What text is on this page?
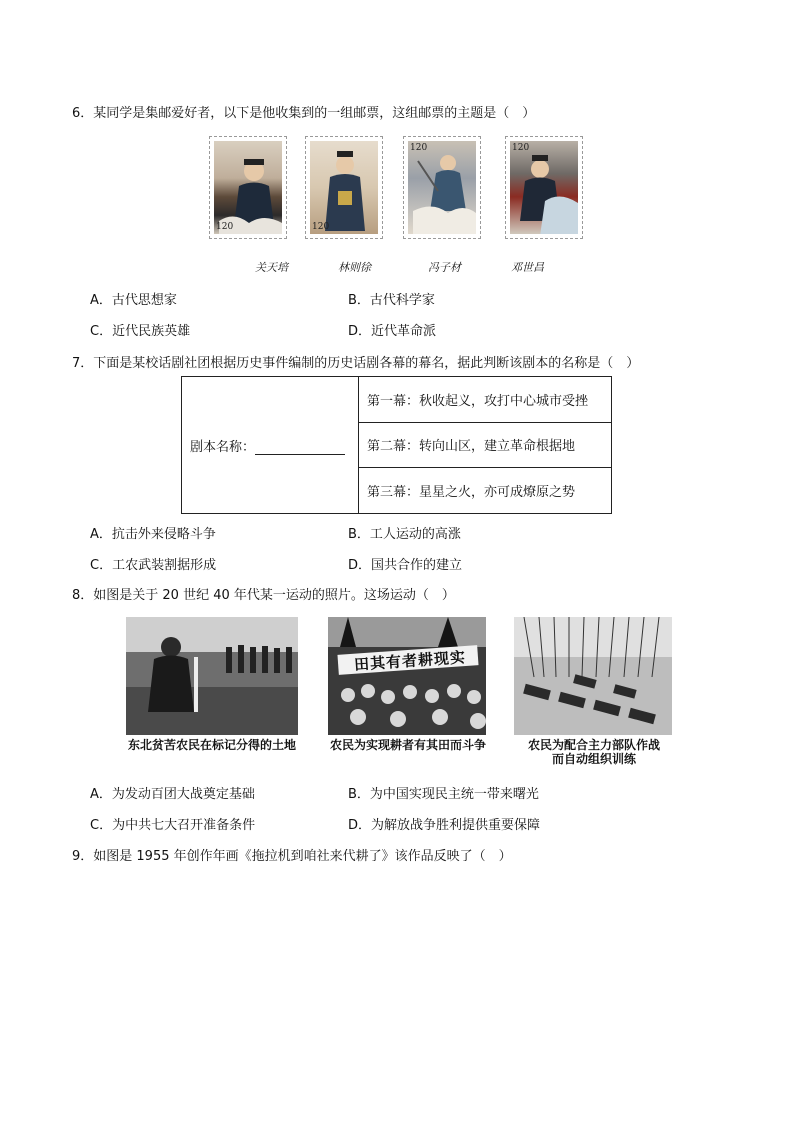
6．某同学是集邮爱好者，以下是他收集到的一组邮票，这组邮票的主题是（　）
120	120
120	120
关天培	林则徐	冯子材	邓世昌
A．古代思想家	B．古代科学家
C．近代民族英雄	D．近代革命派
7．下面是某校话剧社团根据历史事件编制的历史话剧各幕的幕名，据此判断该剧本的名称是（　）
剧本名称：	第一幕：秋收起义，攻打中心城市受挫
第二幕：转向山区，建立革命根据地
第三幕：星星之火，亦可成燎原之势
A．抗击外来侵略斗争	B．工人运动的高涨
C．工农武装割据形成	D．国共合作的建立
8．如图是关于 20 世纪 40 年代某一运动的照片。这场运动（　）
田其有者耕现实
东北贫苦农民在标记分得的土地	农民为实现耕者有其田而斗争	农民为配合主力部队作战
而自动组织训练
A．为发动百团大战奠定基础	B．为中国实现民主统一带来曙光
C．为中共七大召开准备条件	D．为解放战争胜利提供重要保障
9．如图是 1955 年创作年画《拖拉机到咱社来代耕了》该作品反映了（　）
